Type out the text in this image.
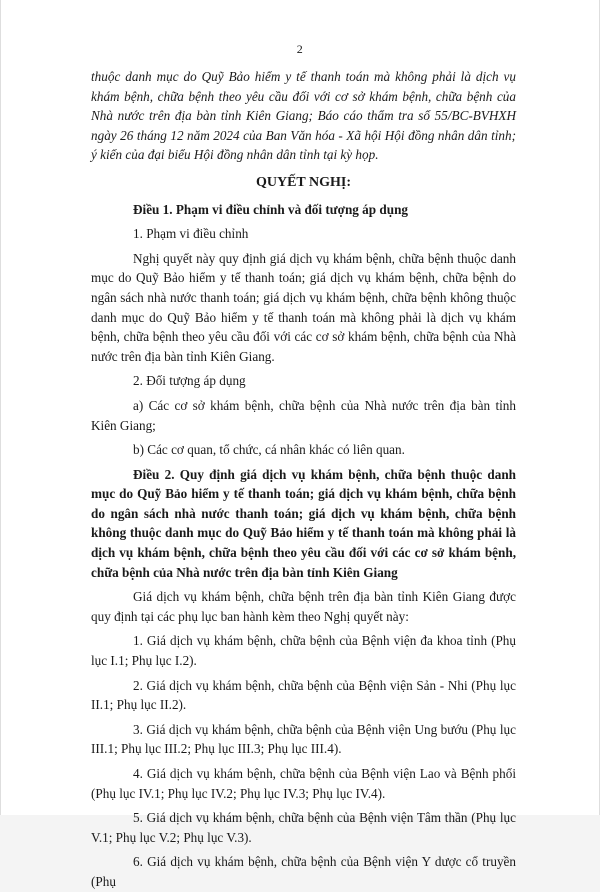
2

thuộc danh mục do Quỹ Bảo hiểm y tế thanh toán mà không phải là dịch vụ khám bệnh, chữa bệnh theo yêu cầu đối với cơ sở khám bệnh, chữa bệnh của Nhà nước trên địa bàn tỉnh Kiên Giang; Báo cáo thẩm tra số 55/BC-BVHXH ngày 26 tháng 12 năm 2024 của Ban Văn hóa - Xã hội Hội đồng nhân dân tỉnh; ý kiến của đại biểu Hội đồng nhân dân tỉnh tại kỳ họp.

QUYẾT NGHỊ:

Điều 1. Phạm vi điều chỉnh và đối tượng áp dụng

1. Phạm vi điều chỉnh

Nghị quyết này quy định giá dịch vụ khám bệnh, chữa bệnh thuộc danh mục do Quỹ Bảo hiểm y tế thanh toán; giá dịch vụ khám bệnh, chữa bệnh do ngân sách nhà nước thanh toán; giá dịch vụ khám bệnh, chữa bệnh không thuộc danh mục do Quỹ Bảo hiểm y tế thanh toán mà không phải là dịch vụ khám bệnh, chữa bệnh theo yêu cầu đối với các cơ sở khám bệnh, chữa bệnh của Nhà nước trên địa bàn tỉnh Kiên Giang.

2. Đối tượng áp dụng

a) Các cơ sở khám bệnh, chữa bệnh của Nhà nước trên địa bàn tỉnh Kiên Giang;

b) Các cơ quan, tổ chức, cá nhân khác có liên quan.

Điều 2. Quy định giá dịch vụ khám bệnh, chữa bệnh thuộc danh mục do Quỹ Bảo hiểm y tế thanh toán; giá dịch vụ khám bệnh, chữa bệnh do ngân sách nhà nước thanh toán; giá dịch vụ khám bệnh, chữa bệnh không thuộc danh mục do Quỹ Bảo hiểm y tế thanh toán mà không phải là dịch vụ khám bệnh, chữa bệnh theo yêu cầu đối với các cơ sở khám bệnh, chữa bệnh của Nhà nước trên địa bàn tỉnh Kiên Giang

Giá dịch vụ khám bệnh, chữa bệnh trên địa bàn tỉnh Kiên Giang được quy định tại các phụ lục ban hành kèm theo Nghị quyết này:

1. Giá dịch vụ khám bệnh, chữa bệnh của Bệnh viện đa khoa tỉnh (Phụ lục I.1; Phụ lục I.2).
2. Giá dịch vụ khám bệnh, chữa bệnh của Bệnh viện Sản - Nhi (Phụ lục II.1; Phụ lục II.2).
3. Giá dịch vụ khám bệnh, chữa bệnh của Bệnh viện Ung bướu (Phụ lục III.1; Phụ lục III.2; Phụ lục III.3; Phụ lục III.4).
4. Giá dịch vụ khám bệnh, chữa bệnh của Bệnh viện Lao và Bệnh phổi (Phụ lục IV.1; Phụ lục IV.2; Phụ lục IV.3; Phụ lục IV.4).
5. Giá dịch vụ khám bệnh, chữa bệnh của Bệnh viện Tâm thần (Phụ lục V.1; Phụ lục V.2; Phụ lục V.3).
6. Giá dịch vụ khám bệnh, chữa bệnh của Bệnh viện Y dược cổ truyền (Phụ
